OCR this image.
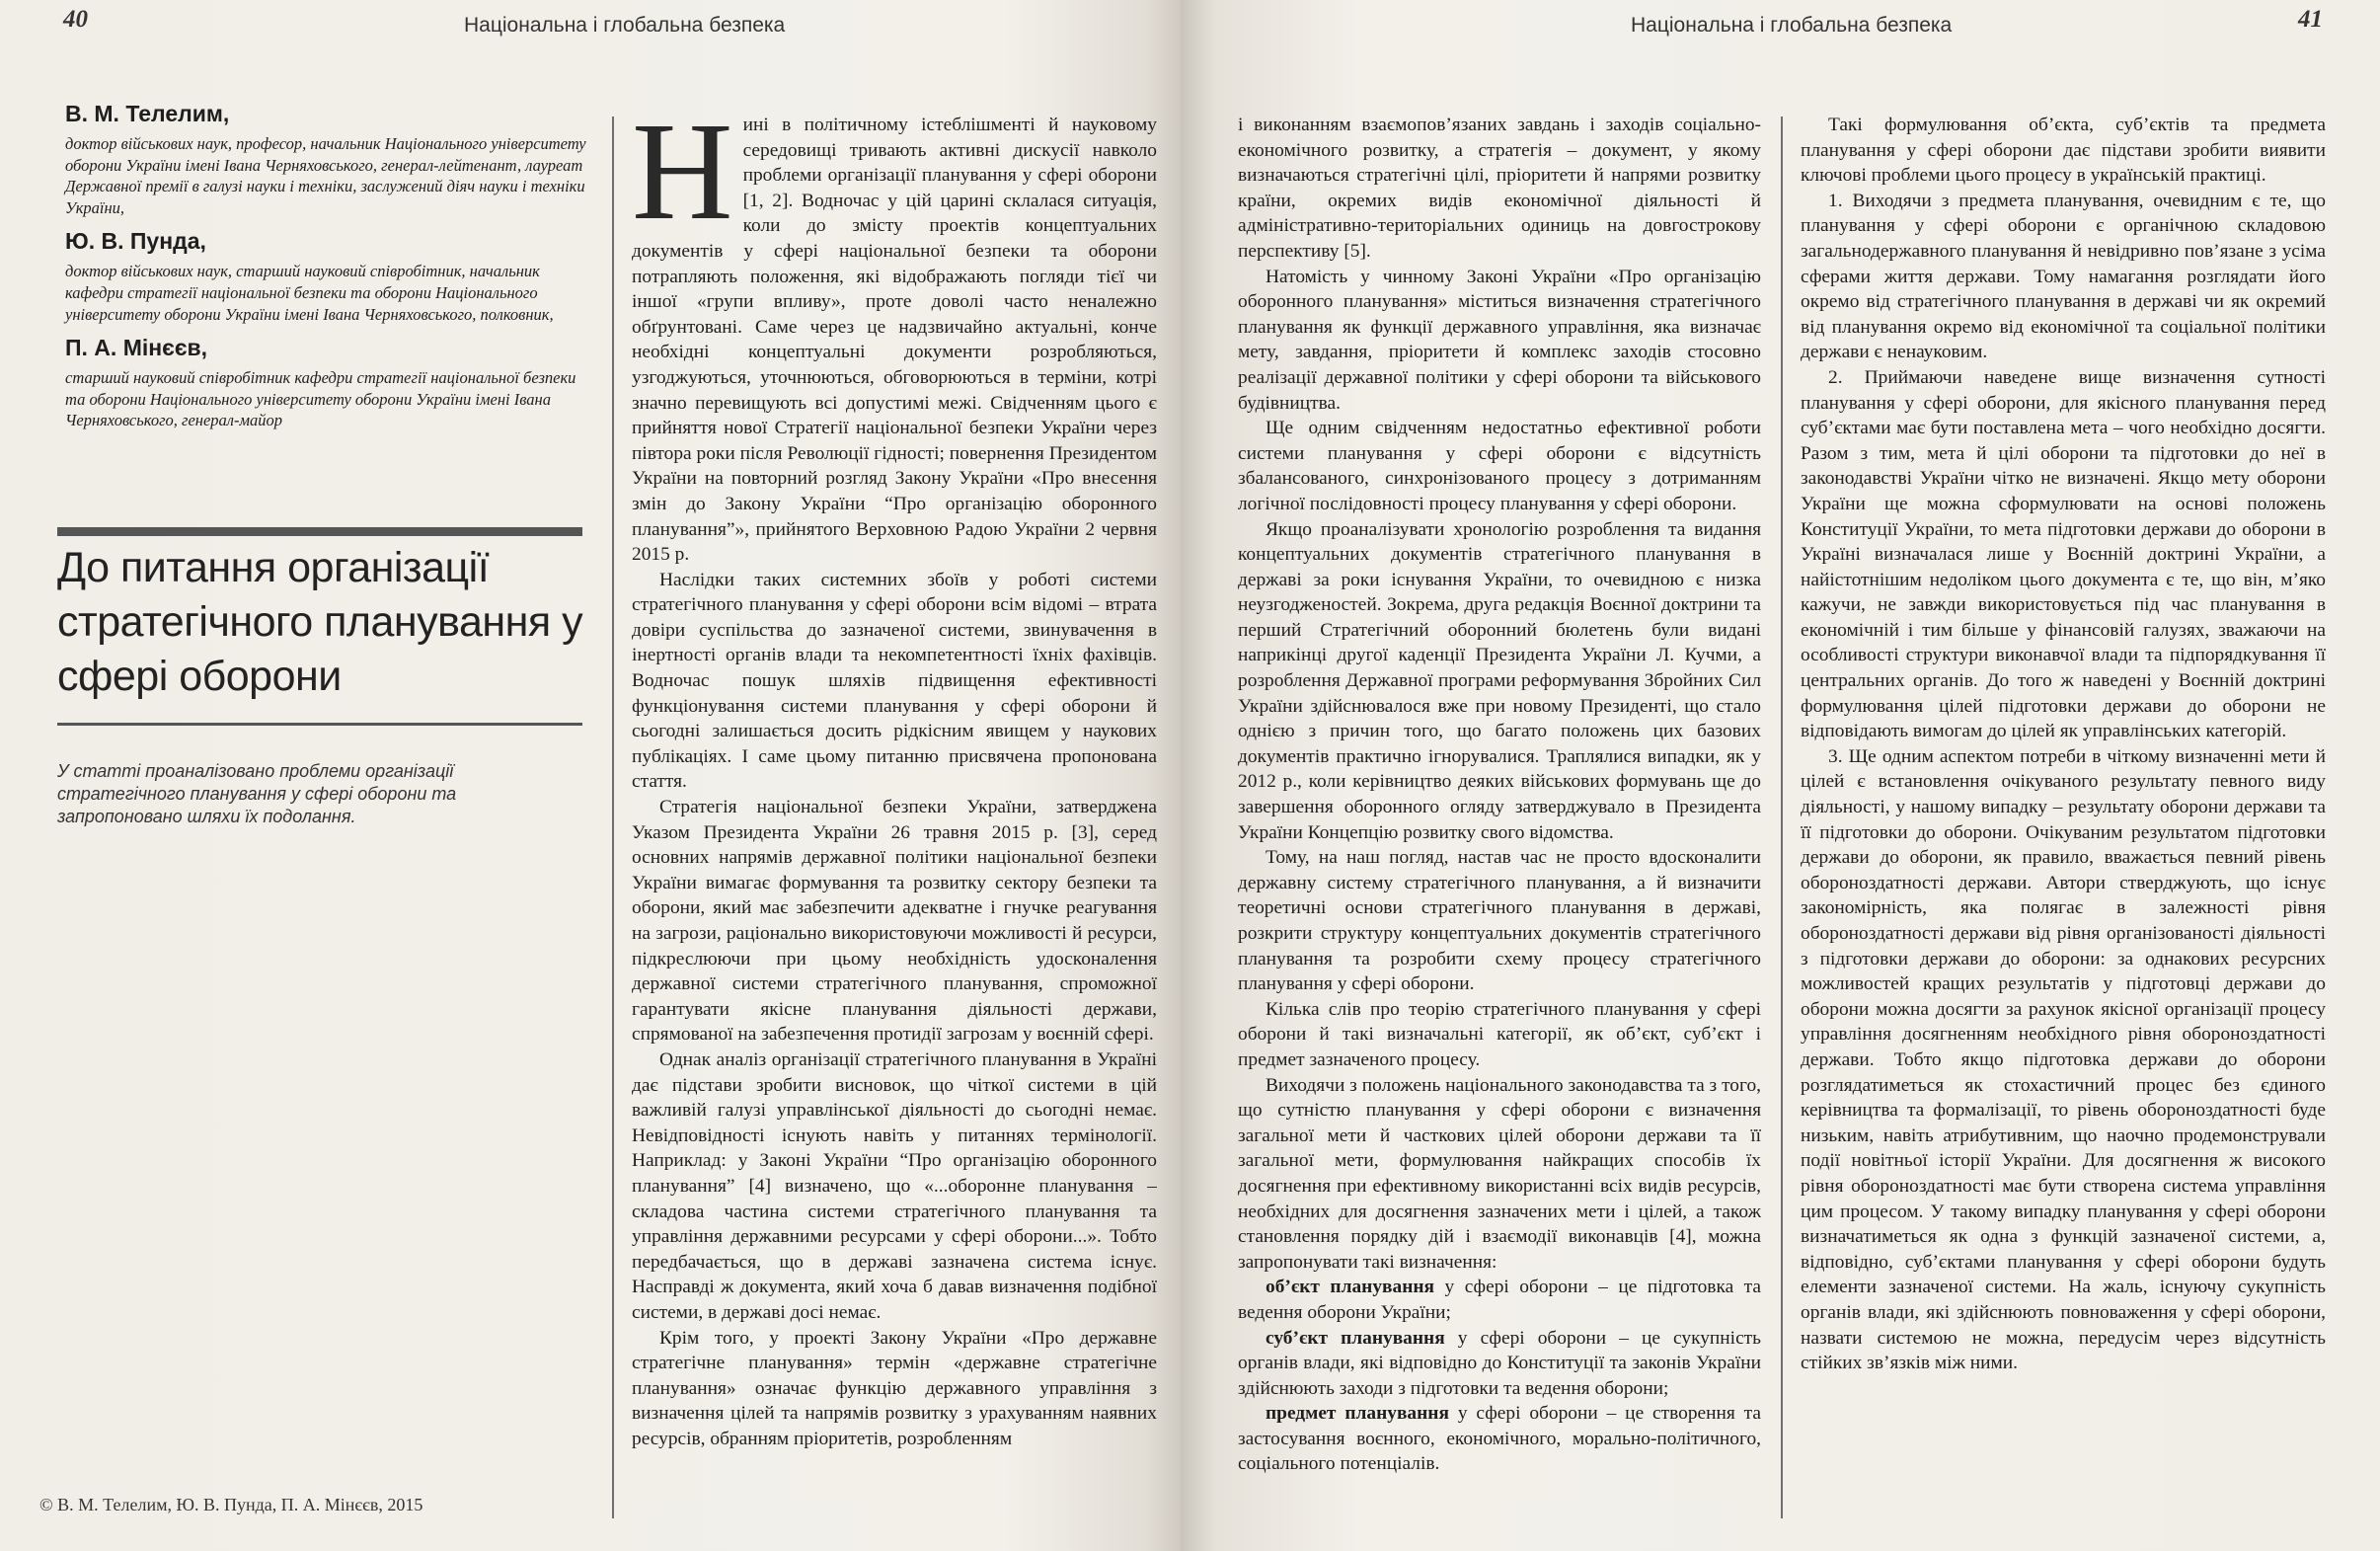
40	Національна і глобальна безпека
В. М. Телелим,
доктор військових наук, професор, начальник Національного університету оборони України імені Івана Черняховського, генерал-лейтенант, лауреат Державної премії в галузі науки і техніки, заслужений діяч науки і техніки України,
Ю. В. Пунда,
доктор військових наук, старший науковий співробітник, начальник кафедри стратегії національної безпеки та оборони Національного університету оборони України імені Івана Черняховського, полковник,
П. А. Мінєєв,
старший науковий співробітник кафедри стратегії національної безпеки та оборони Національного університету оборони України імені Івана Черняховського, генерал-майор
До питання організації стратегічного планування у сфері оборони
У статті проаналізовано проблеми організації стратегічного планування у сфері оборони та запропоновано шляхи їх подолання.
© В. М. Телелим, Ю. В. Пунда, П. А. Мінєєв, 2015
Н ині в політичному істеблішменті й науковому середовищі тривають активні дискусії навколо проблеми організації планування у сфері оборони [1, 2]. Водночас у цій царині склалася ситуація, коли до змісту проектів концептуальних документів у сфері національної безпеки та оборони потрапляють положення, які відображають погляди тієї чи іншої «групи впливу», проте доволі часто неналежно обґрунтовані. Саме через це надзвичайно актуальні, конче необхідні концептуальні документи розробляються, узгоджуються, уточнюються, обговорюються в терміни, котрі значно перевищують всі допустимі межі. Свідченням цього є прийняття нової Стратегії національної безпеки України через півтора роки після Революції гідності; повернення Президентом України на повторний розгляд Закону України «Про внесення змін до Закону України “Про організацію оборонного планування”», прийнятого Верховною Радою України 2 червня 2015 р.

Наслідки таких системних збоїв у роботі системи стратегічного планування у сфері оборони всім відомі – втрата довіри суспільства до зазначеної системи, звинувачення в інертності органів влади та некомпетентності їхніх фахівців. Водночас пошук шляхів підвищення ефективності функціонування системи планування у сфері оборони й сьогодні залишається досить рідкісним явищем у наукових публікаціях. І саме цьому питанню присвячена пропонована стаття.

Стратегія національної безпеки України, затверджена Указом Президента України 26 травня 2015 р. [3], серед основних напрямів державної політики національної безпеки України вимагає формування та розвитку сектору безпеки та оборони, який має забезпечити адекватне і гнучке реагування на загрози, раціонально використовуючи можливості й ресурси, підкреслюючи при цьому необхідність удосконалення державної системи стратегічного планування, спроможної гарантувати якісне планування діяльності держави, спрямованої на забезпечення протидії загрозам у воєнній сфері.

Однак аналіз організації стратегічного планування в Україні дає підстави зробити висновок, що чіткої системи в цій важливій галузі управлінської діяльності до сьогодні немає. Невідповідності існують навіть у питаннях термінології. Наприклад: у Законі України “Про організацію оборонного планування” [4] визначено, що «...оборонне планування – складова частина системи стратегічного планування та управління державними ресурсами у сфері оборони...». Тобто передбачається, що в державі зазначена система існує. Насправді ж документа, який хоча б давав визначення подібної системи, в державі досі немає.

Крім того, у проекті Закону України «Про державне стратегічне планування» термін «державне стратегічне планування» означає функцію державного управління з визначення цілей та напрямів розвитку з урахуванням наявних ресурсів, обранням пріоритетів, розробленням

Національна і глобальна безпека	41

і виконанням взаємопов’язаних завдань і заходів соціально-економічного розвитку, а стратегія – документ, у якому визначаються стратегічні цілі, пріоритети й напрями розвитку країни, окремих видів економічної діяльності й адміністративно-територіальних одиниць на довгострокову перспективу [5].

Натомість у чинному Законі України «Про організацію оборонного планування» міститься визначення стратегічного планування як функції державного управління, яка визначає мету, завдання, пріоритети й комплекс заходів стосовно реалізації державної політики у сфері оборони та військового будівництва.

Ще одним свідченням недостатньо ефективної роботи системи планування у сфері оборони є відсутність збалансованого, синхронізованого процесу з дотриманням логічної послідовності процесу планування у сфері оборони.

Якщо проаналізувати хронологію розроблення та видання концептуальних документів стратегічного планування в державі за роки існування України, то очевидною є низка неузгодженостей. Зокрема, друга редакція Воєнної доктрини та перший Стратегічний оборонний бюлетень були видані наприкінці другої каденції Президента України Л. Кучми, а розроблення Державної програми реформування Збройних Сил України здійснювалося вже при новому Президенті, що стало однією з причин того, що багато положень цих базових документів практично ігнорувалися. Траплялися випадки, як у 2012 р., коли керівництво деяких військових формувань ще до завершення оборонного огляду затверджувало в Президента України Концепцію розвитку свого відомства.

Тому, на наш погляд, настав час не просто вдосконалити державну систему стратегічного планування, а й визначити теоретичні основи стратегічного планування в державі, розкрити структуру концептуальних документів стратегічного планування та розробити схему процесу стратегічного планування у сфері оборони.

Кілька слів про теорію стратегічного планування у сфері оборони й такі визначальні категорії, як об’єкт, суб’єкт і предмет зазначеного процесу.

Виходячи з положень національного законодавства та з того, що сутністю планування у сфері оборони є визначення загальної мети й часткових цілей оборони держави та її загальної мети, формулювання найкращих способів їх досягнення при ефективному використанні всіх видів ресурсів, необхідних для досягнення зазначених мети і цілей, а також становлення порядку дій і взаємодії виконавців [4], можна запропонувати такі визначення:

об’єкт планування у сфері оборони – це підготовка та ведення оборони України;

суб’єкт планування у сфері оборони – це сукупність органів влади, які відповідно до Конституції та законів України здійснюють заходи з підготовки та ведення оборони;

предмет планування у сфері оборони – це створення та застосування воєнного, економічного, морально-політичного, соціального потенціалів.

Такі формулювання об’єкта, суб’єктів та предмета планування у сфері оборони дає підстави зробити виявити ключові проблеми цього процесу в українській практиці.

1. Виходячи з предмета планування, очевидним є те, що планування у сфері оборони є органічною складовою загальнодержавного планування й невідривно пов’язане з усіма сферами життя держави. Тому намагання розглядати його окремо від стратегічного планування в державі чи як окремий від планування окремо від економічної та соціальної політики держави є ненауковим.

2. Приймаючи наведене вище визначення сутності планування у сфері оборони, для якісного планування перед суб’єктами має бути поставлена мета – чого необхідно досягти. Разом з тим, мета й цілі оборони та підготовки до неї в законодавстві України чітко не визначені. Якщо мету оборони України ще можна сформулювати на основі положень Конституції України, то мета підготовки держави до оборони в Україні визначалася лише у Воєнній доктрині України, а найістотнішим недоліком цього документа є те, що він, м’яко кажучи, не завжди використовується під час планування в економічній і тим більше у фінансовій галузях, зважаючи на особливості структури виконавчої влади та підпорядкування її центральних органів. До того ж наведені у Воєнній доктрині формулювання цілей підготовки держави до оборони не відповідають вимогам до цілей як управлінських категорій.

3. Ще одним аспектом потреби в чіткому визначенні мети й цілей є встановлення очікуваного результату певного виду діяльності, у нашому випадку – результату оборони держави та її підготовки до оборони. Очікуваним результатом підготовки держави до оборони, як правило, вважається певний рівень обороноздатності держави. Автори стверджують, що існує закономірність, яка полягає в залежності рівня обороноздатності держави від рівня організованості діяльності з підготовки держави до оборони: за однакових ресурсних можливостей кращих результатів у підготовці держави до оборони можна досягти за рахунок якісної організації процесу управління досягненням необхідного рівня обороноздатності держави. Тобто якщо підготовка держави до оборони розглядатиметься як стохастичний процес без єдиного керівництва та формалізації, то рівень обороноздатності буде низьким, навіть атрибутивним, що наочно продемонстрували події новітньої історії України. Для досягнення ж високого рівня обороноздатності має бути створена система управління цим процесом. У такому випадку планування у сфері оборони визначатиметься як одна з функцій зазначеної системи, а, відповідно, суб’єктами планування у сфері оборони будуть елементи зазначеної системи. На жаль, існуючу сукупність органів влади, які здійснюють повноваження у сфері оборони, назвати системою не можна, передусім через відсутність стійких зв’язків між ними.
